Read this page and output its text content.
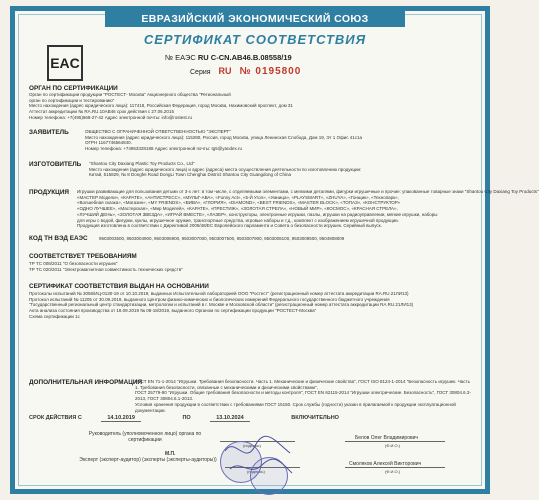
ЕВРАЗИЙСКИЙ ЭКОНОМИЧЕСКИЙ СОЮЗ
СЕРТИФИКАТ СООТВЕТСТВИЯ
EAC	№ ЕАЭС RU C-CN.АВ46.В.08558/19
Серия RU № 0195800
ОРГАН ПО СЕРТИФИКАЦИИ
Орган по сертификации продукции "РОСТЕСТ- Москва" Акционерного общества "Региональный
орган по сертификации и тестированию"
Место нахождения (адрес юридического лица): 117418, Российская Федерация, город Москва, Нахимовский проспект, дом 31
Аттестат аккредитации № RA.RU.10АВ46 срок действия с 27.06.2015
Номер телефона: +7(495)668-27-42 Адрес электронной почты: info@rostest.ru
ЗАЯВИТЕЛЬ	ОБЩЕСТВО С ОГРАНИЧЕННОЙ ОТВЕТСТВЕННОСТЬЮ "ЭКСПЕРТ"
Место нахождения (адрес юридического лица): 115280, Россия, город Москва, улица Ленинская Слобода, Дом 19, Эт 1 Офис 41с1а
ОГРН 1167746564840.
Номер телефона: +74953328188 Адрес электронной почты: tg5@yandex.ru
ИЗГОТОВИТЕЛЬ "Shantou City Daxiang Plastic Toy Products Co., Ltd"
Место нахождения (адрес юридического лица) и адрес (адреса) места осуществления деятельности по изготовлению продукции:
Китай, 515829, № 8 Dongfei Road DongLi Town Chenghai District Shantou City Guangdong of China
ПРОДУКЦИЯ Игрушки развивающие для пользования детьми от 3-х лет: в том числе, с отделяемыми элементами, с мелкими деталями, фигурки игрушечные и прочие: упакованные товарные знаки "Shantou City Daxiang Toy Products"
«МАСТЕР Модели», «КАРАТЕ», «АНТИСТРЕСС», «МУЛЬТ-АВА», «Funny Act», «5-Й Угол», «Умница», «PLAYSMART», «ZHUYA», «Гонщик», «Технопарк»,
«Волшебная сказка», «Магазин», «MY FRIENDS», «ВИВА», «ГЛОРИЯ», «DIAMOND», «BEST FRIENDS», «MASTER BLOCK», «ТОПАЗ», «КОНСТРУКТОР»
«ОДНО ЛУЧШЕЕ», «Мастерская», «Мир Моделей», «КАРАТЕ», «ПРЕСТИЖ», «ЗОЛОТАЯ СТРЕЛА», «НОВЫЙ МИР», «КОСМОС», «КРАСНАЯ СТРЕЛА»,
«ЛУЧШИЙ ДЕНЬ», «ЗОЛОТАЯ ЗВЕЗДА», «ИГРАЙ ВМЕСТЕ», «ЛАЗЕР», конструкторы, электронные игрушки, пазлы, игрушки на радиоуправлении, мягкие игрушки, наборы
для игры с водой, фигурки, куклы, игрушечное оружие, транспортные средства, игровые наборы и т.д., комплект с изображением игрушечной продукции.
Продукция изготовлена в соответствии с Директивой 2009/48/ЕС Европейского парламента и Совета о безопасности игрушек. Серийный выпуск.
КОД ТН ВЭД ЕАЭС	9503003500, 9503004900, 9503006900, 9503007000, 9503007500, 9503007900, 9503008100, 9503009500, 9504908009
СООТВЕТСТВУЕТ ТРЕБОВАНИЯМ
ТР ТС 008/2011 "О безопасности игрушек"
ТР ТС 020/2011 "Электромагнитная совместимость технических средств"
СЕРТИФИКАТ СООТВЕТСТВИЯ ВЫДАН НА ОСНОВАНИИ
Протоколы испытаний № 3056/ИЦ-0130-19 от 10.10.2019, выданных Испытательной лабораторией ООО "Ростест" (регистрационный номер аттестата аккредитации RA.RU.21ЛИ13)
Протокол испытаний № 11205 от 30.09.2019, выданного Центром физико-химических и биологических измерений Федерального государственного бюджетного учреждения
"Государственный региональный центр стандартизации, метрологии и испытаний в г. Москве и Московской области" (регистрационный номер аттестата аккредитации RA.RU.21ЛИ13)
Акта анализа состояния производства от 18.09.2019 № 08-18/2019, выданного Органом по сертификации продукции "РОСТЕСТ-Москва"
Схема сертификации 1с
ДОПОЛНИТЕЛЬНАЯ ИНФОРМАЦИЯ
ГОСТ EN 71-1-2014 "Игрушки. Требования безопасности. Часть 1. Механические и физические свойства", ГОСТ ISO 8124-1-2014 "Безопасность игрушек. Часть 1. Требования безопасности, связанные с механическими и физическими свойствами",
ГОСТ 25779-90 "Игрушки. Общие требования безопасности и методы контроля", ГОСТ EN 62115-2014 "Игрушки электрические. Безопасность", ГОСТ 30804.6.3-2013, ГОСТ 30804.6.1-2013.
Условия хранения продукции в соответствии с требованиями ГОСТ 15150. Срок службы (годности) указан в прилагаемой к продукции эксплуатационной документации.
СРОК ДЕЙСТВИЯ С	14.10.2019	ПО	13.10.2024	ВКЛЮЧИТЕЛЬНО
Руководитель (уполномоченное лицо) органа по сертификации
(подпись)
Белов Олег Владимирович
(Ф.И.О.)
Эксперт (эксперт-аудитор) (эксперты (эксперты-аудиторы))
(подпись)
Смоляков Алексей Викторович
(Ф.И.О.)
М.П.
